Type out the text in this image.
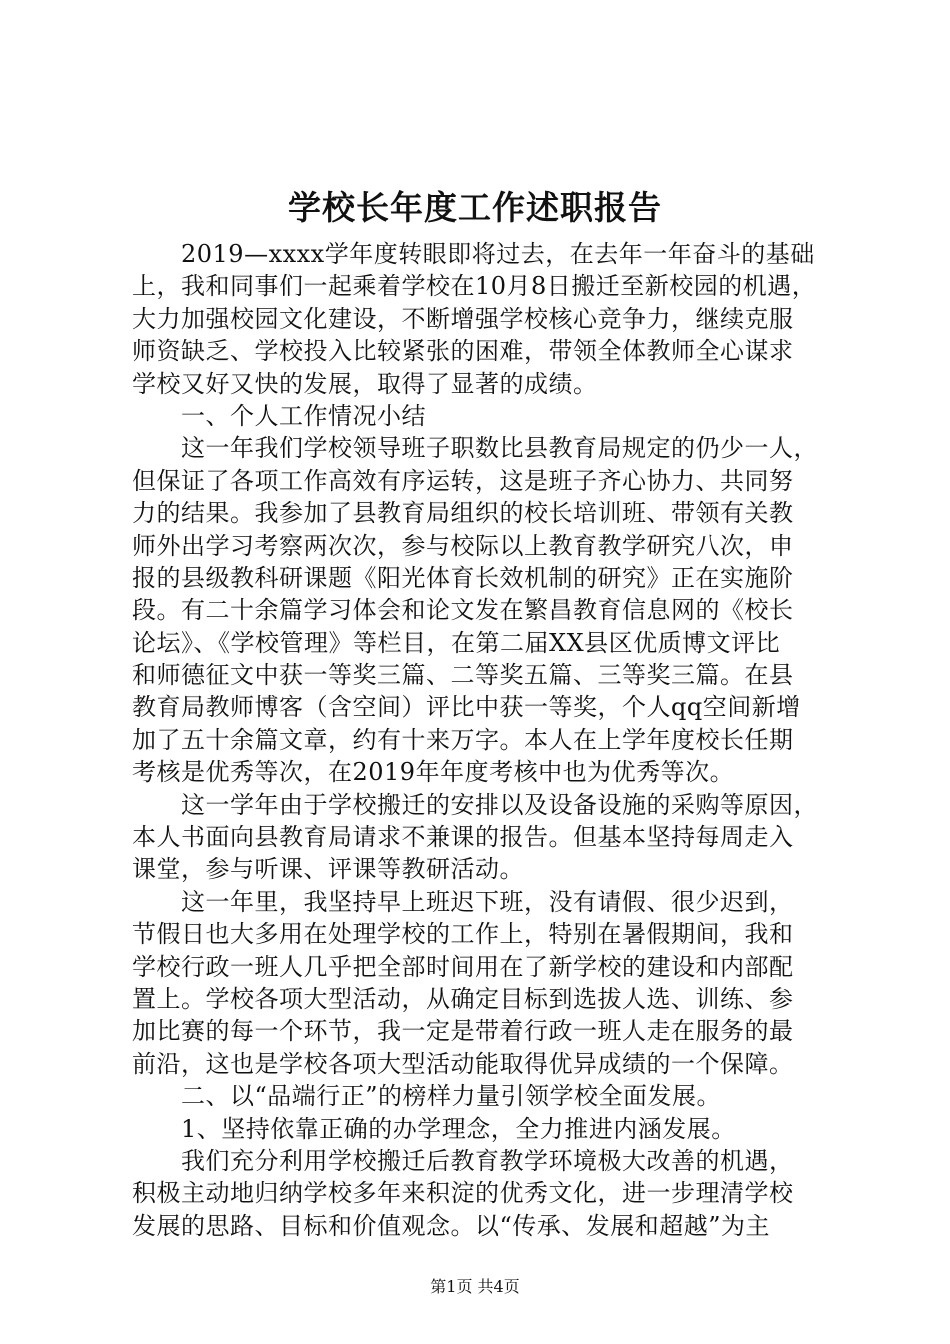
学校长年度工作述职报告
　　2019—xxxx学年度转眼即将过去，在去年一年奋斗的基础
上，我和同事们一起乘着学校在10月8日搬迁至新校园的机遇，
大力加强校园文化建设，不断增强学校核心竞争力，继续克服
师资缺乏、学校投入比较紧张的困难，带领全体教师全心谋求
学校又好又快的发展，取得了显著的成绩。
　　一、个人工作情况小结
　　这一年我们学校领导班子职数比县教育局规定的仍少一人，
但保证了各项工作高效有序运转，这是班子齐心协力、共同努
力的结果。我参加了县教育局组织的校长培训班、带领有关教
师外出学习考察两次次，参与校际以上教育教学研究八次，申
报的县级教科研课题《阳光体育长效机制的研究》正在实施阶
段。有二十余篇学习体会和论文发在繁昌教育信息网的《校长
论坛》、《学校管理》等栏目，在第二届XX县区优质博文评比
和师德征文中获一等奖三篇、二等奖五篇、三等奖三篇。在县
教育局教师博客（含空间）评比中获一等奖，个人qq空间新增
加了五十余篇文章，约有十来万字。本人在上学年度校长任期
考核是优秀等次，在2019年年度考核中也为优秀等次。
　　这一学年由于学校搬迁的安排以及设备设施的采购等原因，
本人书面向县教育局请求不兼课的报告。但基本坚持每周走入
课堂，参与听课、评课等教研活动。
　　这一年里，我坚持早上班迟下班，没有请假、很少迟到，
节假日也大多用在处理学校的工作上，特别在暑假期间，我和
学校行政一班人几乎把全部时间用在了新学校的建设和内部配
置上。学校各项大型活动，从确定目标到选拔人选、训练、参
加比赛的每一个环节，我一定是带着行政一班人走在服务的最
前沿，这也是学校各项大型活动能取得优异成绩的一个保障。
　　二、以“品端行正”的榜样力量引领学校全面发展。
　　1、坚持依靠正确的办学理念，全力推进内涵发展。
　　我们充分利用学校搬迁后教育教学环境极大改善的机遇，
积极主动地归纳学校多年来积淀的优秀文化，进一步理清学校
发展的思路、目标和价值观念。以“传承、发展和超越”为主
第1页 共4页
